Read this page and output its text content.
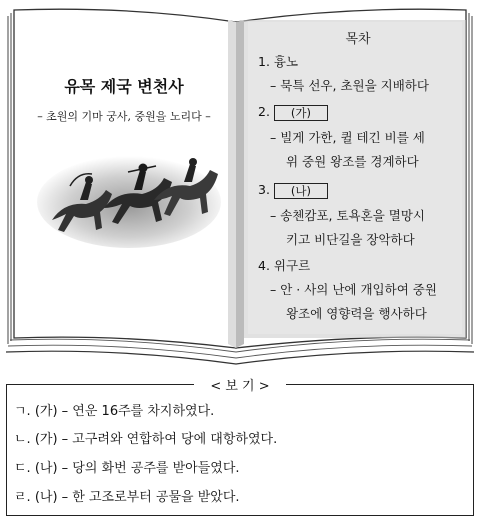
유목 제국 변천사
– 초원의 기마 궁사, 중원을 노리다 –
목차
1. 흉노
– 묵특 선우, 초원을 지배하다
2. (가)
– 빌게 가한, 퀼 테긴 비를 세
위 중원 왕조를 경계하다
3. (나)
– 송첸캄포, 토욕혼을 멸망시
키고 비단길을 장악하다
4. 위구르
– 안 · 사의 난에 개입하여 중원
왕조에 영향력을 행사하다
< 보 기 >
ㄱ. (가) – 연운 16주를 차지하였다.
ㄴ. (가) – 고구려와 연합하여 당에 대항하였다.
ㄷ. (나) – 당의 화번 공주를 받아들였다.
ㄹ. (나) – 한 고조로부터 공물을 받았다.
